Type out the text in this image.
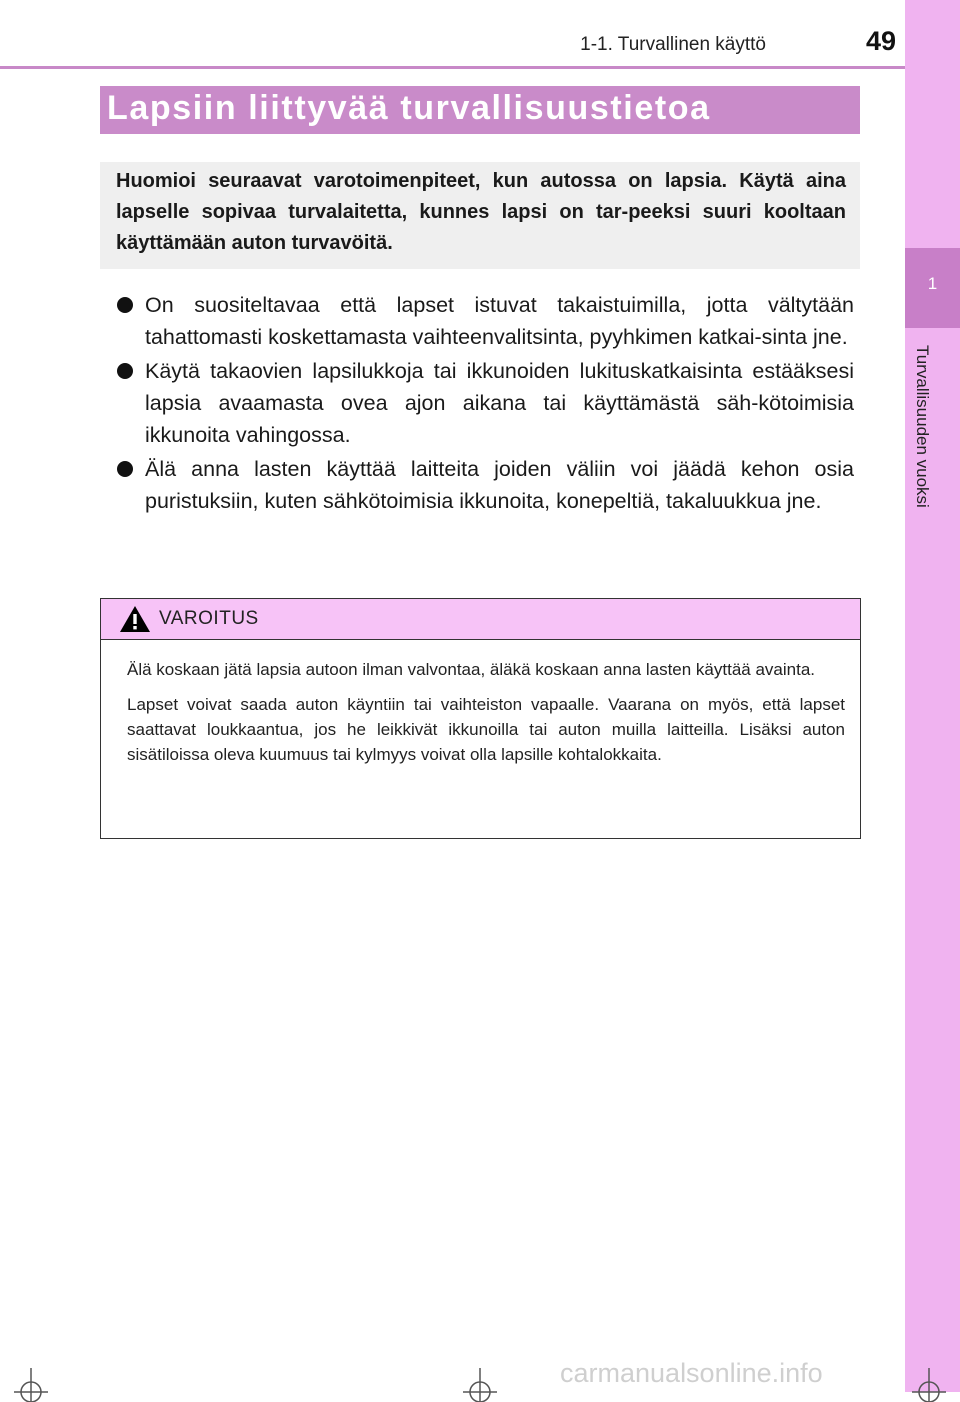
1-1. Turvallinen käyttö	49
1
Turvallisuuden vuoksi
Lapsiin liittyvää turvallisuustietoa

Huomioi seuraavat varotoimenpiteet, kun autossa on lapsia. Käytä aina lapselle sopivaa turvalaitetta, kunnes lapsi on tar-peeksi suuri kooltaan käyttämään auton turvavöitä.

On suositeltavaa että lapset istuvat takaistuimilla, jotta vältytään tahattomasti koskettamasta vaihteenvalitsinta, pyyhkimen katkai-sinta jne.
Käytä takaovien lapsilukkoja tai ikkunoiden lukituskatkaisinta estääksesi lapsia avaamasta ovea ajon aikana tai käyttämästä säh-kötoimisia ikkunoita vahingossa.
Älä anna lasten käyttää laitteita joiden väliin voi jäädä kehon osia puristuksiin, kuten sähkötoimisia ikkunoita, konepeltiä, takaluukkua jne.
VAROITUS

Älä koskaan jätä lapsia autoon ilman valvontaa, äläkä koskaan anna lasten käyttää avainta.

Lapset voivat saada auton käyntiin tai vaihteiston vapaalle. Vaarana on myös, että lapset saattavat loukkaantua, jos he leikkivät ikkunoilla tai auton muilla laitteilla. Lisäksi auton sisätiloissa oleva kuumuus tai kylmyys voivat olla lapsille kohtalokkaita.

carmanualsonline.info
